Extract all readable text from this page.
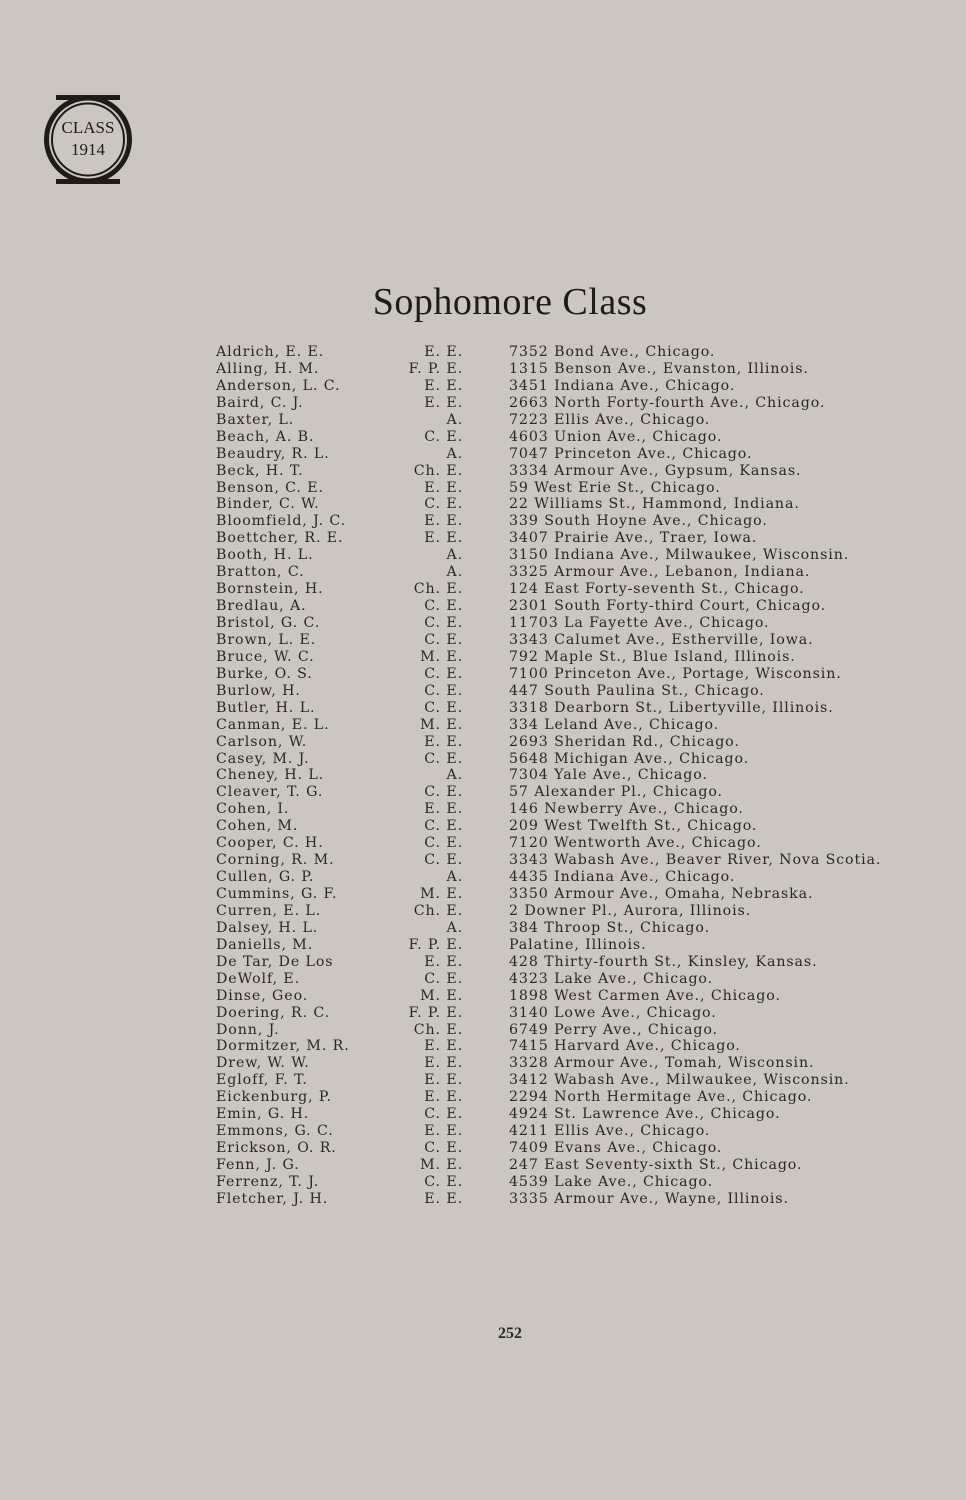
CLASS
1914
Sophomore Class
Aldrich, E. E.	E. E.	7352 Bond Ave., Chicago.
Alling, H. M.	F. P. E.	1315 Benson Ave., Evanston, Illinois.
Anderson, L. C.	E. E.	3451 Indiana Ave., Chicago.
Baird, C. J.	E. E.	2663 North Forty-fourth Ave., Chicago.
Baxter, L.	A.	7223 Ellis Ave., Chicago.
Beach, A. B.	C. E.	4603 Union Ave., Chicago.
Beaudry, R. L.	A.	7047 Princeton Ave., Chicago.
Beck, H. T.	Ch. E.	3334 Armour Ave., Gypsum, Kansas.
Benson, C. E.	E. E.	59 West Erie St., Chicago.
Binder, C. W.	C. E.	22 Williams St., Hammond, Indiana.
Bloomfield, J. C.	E. E.	339 South Hoyne Ave., Chicago.
Boettcher, R. E.	E. E.	3407 Prairie Ave., Traer, Iowa.
Booth, H. L.	A.	3150 Indiana Ave., Milwaukee, Wisconsin.
Bratton, C.	A.	3325 Armour Ave., Lebanon, Indiana.
Bornstein, H.	Ch. E.	124 East Forty-seventh St., Chicago.
Bredlau, A.	C. E.	2301 South Forty-third Court, Chicago.
Bristol, G. C.	C. E.	11703 La Fayette Ave., Chicago.
Brown, L. E.	C. E.	3343 Calumet Ave., Estherville, Iowa.
Bruce, W. C.	M. E.	792 Maple St., Blue Island, Illinois.
Burke, O. S.	C. E.	7100 Princeton Ave., Portage, Wisconsin.
Burlow, H.	C. E.	447 South Paulina St., Chicago.
Butler, H. L.	C. E.	3318 Dearborn St., Libertyville, Illinois.
Canman, E. L.	M. E.	334 Leland Ave., Chicago.
Carlson, W.	E. E.	2693 Sheridan Rd., Chicago.
Casey, M. J.	C. E.	5648 Michigan Ave., Chicago.
Cheney, H. L.	A.	7304 Yale Ave., Chicago.
Cleaver, T. G.	C. E.	57 Alexander Pl., Chicago.
Cohen, I.	E. E.	146 Newberry Ave., Chicago.
Cohen, M.	C. E.	209 West Twelfth St., Chicago.
Cooper, C. H.	C. E.	7120 Wentworth Ave., Chicago.
Corning, R. M.	C. E.	3343 Wabash Ave., Beaver River, Nova Scotia.
Cullen, G. P.	A.	4435 Indiana Ave., Chicago.
Cummins, G. F.	M. E.	3350 Armour Ave., Omaha, Nebraska.
Curren, E. L.	Ch. E.	2 Downer Pl., Aurora, Illinois.
Dalsey, H. L.	A.	384 Throop St., Chicago.
Daniells, M.	F. P. E.	Palatine, Illinois.
De Tar, De Los	E. E.	428 Thirty-fourth St., Kinsley, Kansas.
DeWolf, E.	C. E.	4323 Lake Ave., Chicago.
Dinse, Geo.	M. E.	1898 West Carmen Ave., Chicago.
Doering, R. C.	F. P. E.	3140 Lowe Ave., Chicago.
Donn, J.	Ch. E.	6749 Perry Ave., Chicago.
Dormitzer, M. R.	E. E.	7415 Harvard Ave., Chicago.
Drew, W. W.	E. E.	3328 Armour Ave., Tomah, Wisconsin.
Egloff, F. T.	E. E.	3412 Wabash Ave., Milwaukee, Wisconsin.
Eickenburg, P.	E. E.	2294 North Hermitage Ave., Chicago.
Emin, G. H.	C. E.	4924 St. Lawrence Ave., Chicago.
Emmons, G. C.	E. E.	4211 Ellis Ave., Chicago.
Erickson, O. R.	C. E.	7409 Evans Ave., Chicago.
Fenn, J. G.	M. E.	247 East Seventy-sixth St., Chicago.
Ferrenz, T. J.	C. E.	4539 Lake Ave., Chicago.
Fletcher, J. H.	E. E.	3335 Armour Ave., Wayne, Illinois.
252
